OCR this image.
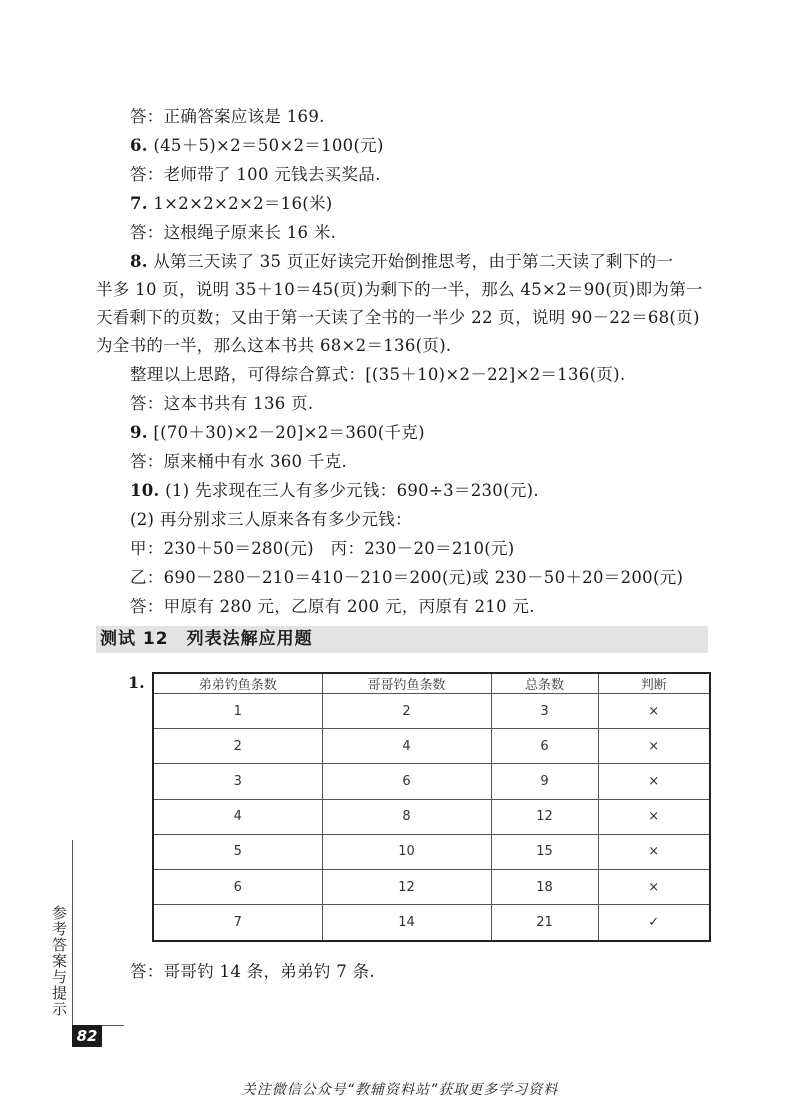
答：正确答案应该是 169.
6. (45＋5)×2＝50×2＝100(元)
答：老师带了 100 元钱去买奖品.
7. 1×2×2×2×2＝16(米)
答：这根绳子原来长 16 米.
8. 从第三天读了 35 页正好读完开始倒推思考，由于第二天读了剩下的一
半多 10 页，说明 35＋10＝45(页)为剩下的一半，那么 45×2＝90(页)即为第一
天看剩下的页数；又由于第一天读了全书的一半少 22 页，说明 90－22＝68(页)
为全书的一半，那么这本书共 68×2＝136(页).
整理以上思路，可得综合算式：[(35＋10)×2－22]×2＝136(页).
答：这本书共有 136 页.
9. [(70＋30)×2－20]×2＝360(千克)
答：原来桶中有水 360 千克.
10. (1) 先求现在三人有多少元钱：690÷3＝230(元).
(2) 再分别求三人原来各有多少元钱：
甲：230＋50＝280(元)　丙：230－20＝210(元)
乙：690－280－210＝410－210＝200(元)或 230－50＋20＝200(元)
答：甲原有 280 元，乙原有 200 元，丙原有 210 元.
测试 12　列表法解应用题
1.	弟弟钓鱼条数	哥哥钓鱼条数	总条数	判断
1	2	3	×
2	4	6	×
3	6	9	×
4	8	12	×
5	10	15	×
6	12	18	×
7	14	21	✓
答：哥哥钓 14 条，弟弟钓 7 条.
参考答案与提示
82
关注微信公众号“教辅资料站”获取更多学习资料
